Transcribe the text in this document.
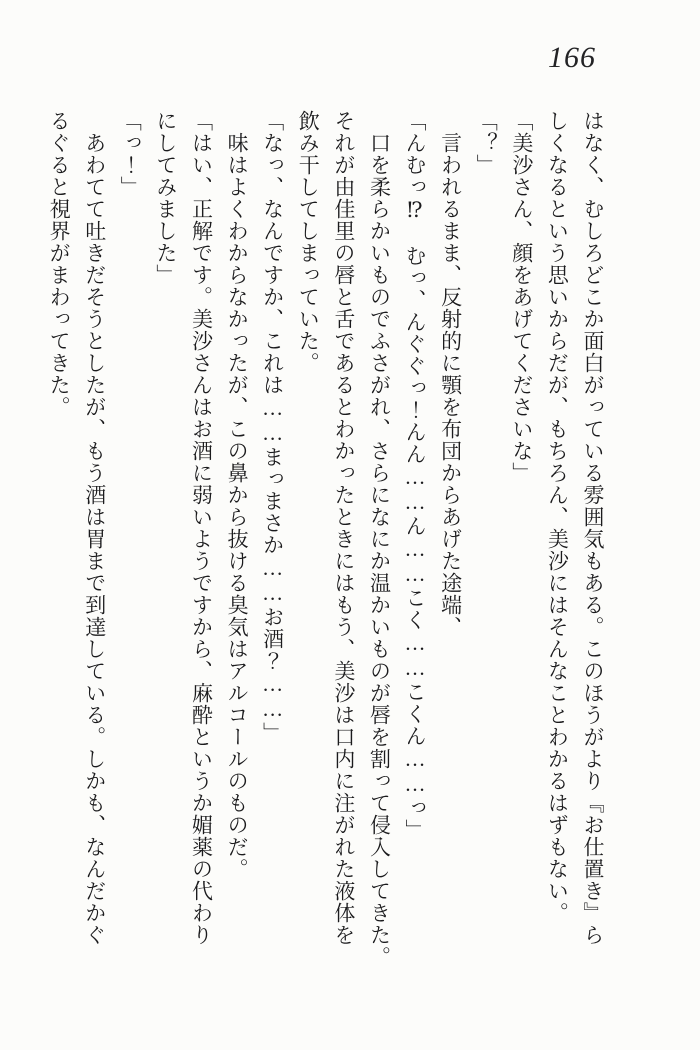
166
はなく、むしろどこか面白がっている雰囲気もある。このほうがより『お仕置き』ら
しくなるという思いからだが、もちろん、美沙にはそんなことわかるはずもない。
「美沙さん、顔をあげてくださいな」
「？」
　言われるまま、反射的に顎を布団からあげた途端、
「んむっ⁉　むっ、んぐぐっ！んん……ん……こく……こくん……っ」
　口を柔らかいものでふさがれ、さらになにか温かいものが唇を割って侵入してきた。
それが由佳里の唇と舌であるとわかったときにはもう、美沙は口内に注がれた液体を
飲み干してしまっていた。
「なっ、なんですか、これは……まっまさか……お酒？……」
　味はよくわからなかったが、この鼻から抜ける臭気はアルコールのものだ。
「はい、正解です。美沙さんはお酒に弱いようですから、麻酔というか媚薬の代わり
にしてみました」
「っ！」
　あわてて吐きだそうとしたが、もう酒は胃まで到達している。しかも、なんだかぐ
るぐると視界がまわってきた。
